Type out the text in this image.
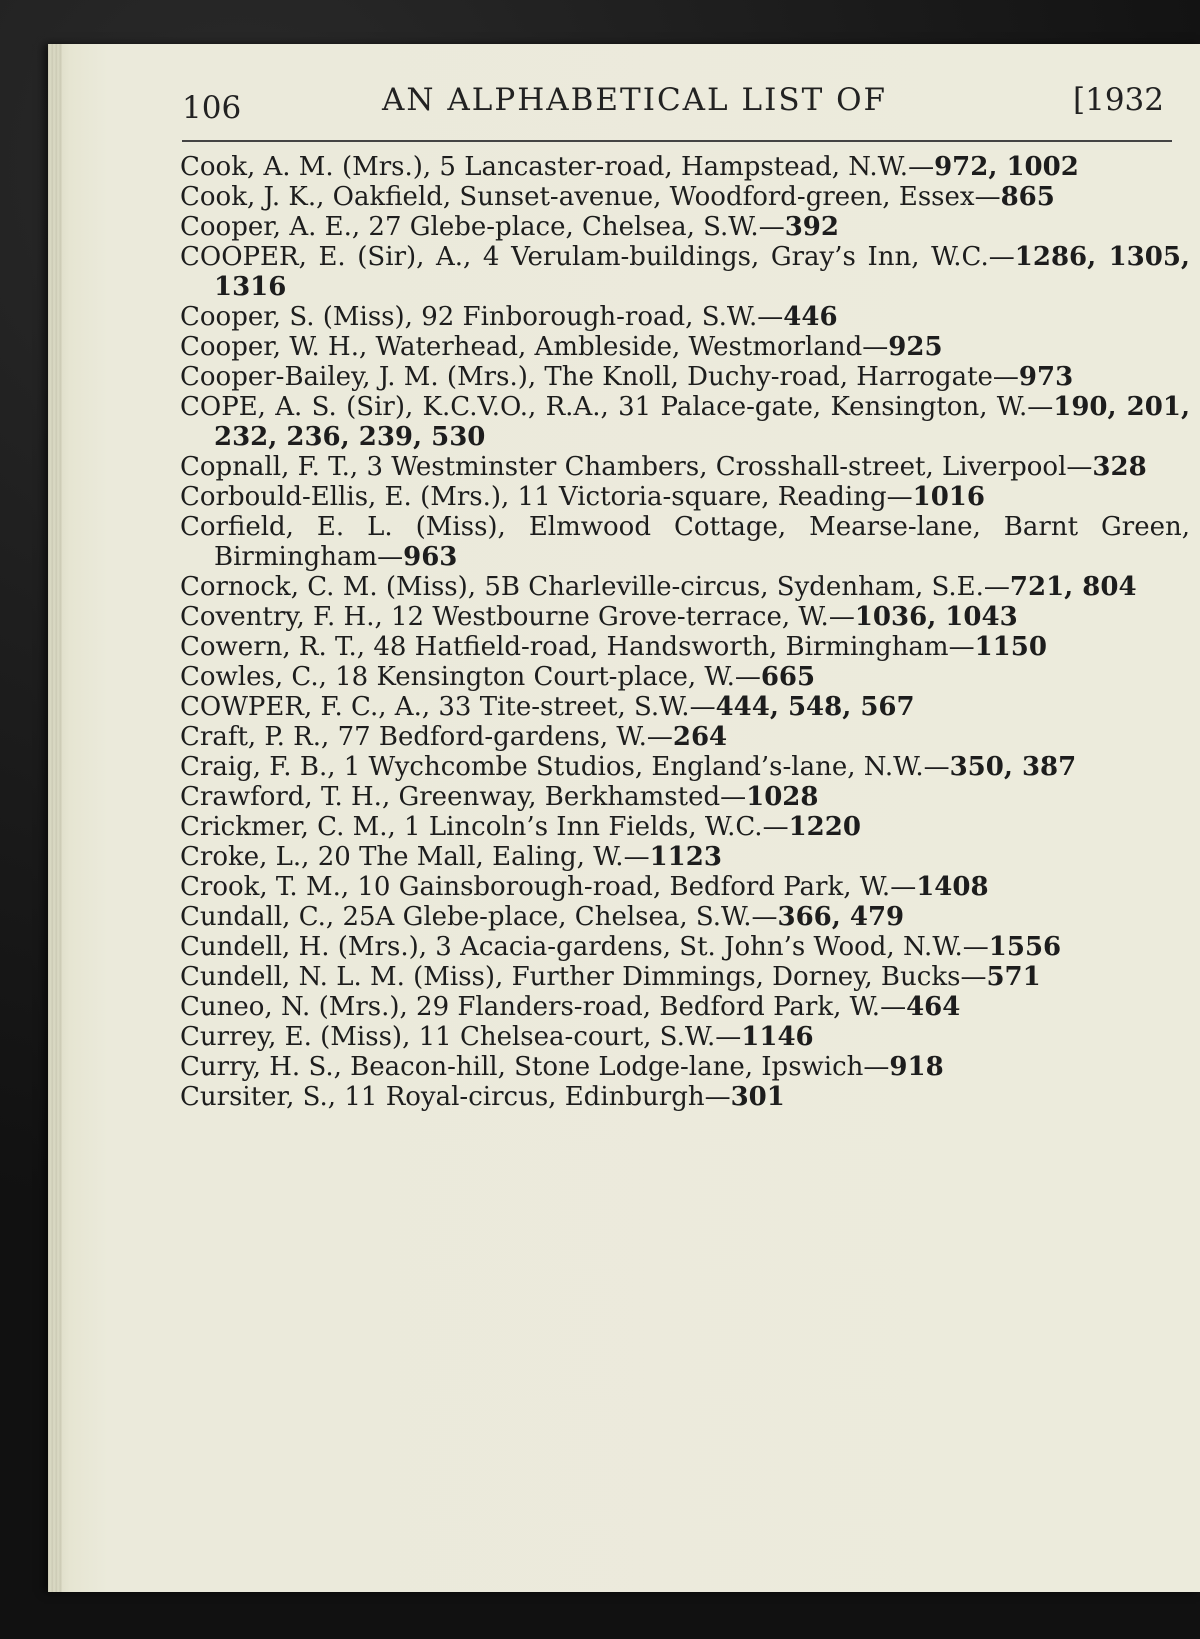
106	AN ALPHABETICAL LIST OF	[1932
Cook, A. M. (Mrs.), 5 Lancaster-road, Hampstead, N.W.—972, 1002
Cook, J. K., Oakfield, Sunset-avenue, Woodford-green, Essex—865
Cooper, A. E., 27 Glebe-place, Chelsea, S.W.—392
COOPER, E. (Sir), A., 4 Verulam-buildings, Gray’s Inn, W.C.—1286, 1305, 1316
Cooper, S. (Miss), 92 Finborough-road, S.W.—446
Cooper, W. H., Waterhead, Ambleside, Westmorland—925
Cooper-Bailey, J. M. (Mrs.), The Knoll, Duchy-road, Harrogate—973
COPE, A. S. (Sir), K.C.V.O., R.A., 31 Palace-gate, Kensington, W.—190, 201, 232, 236, 239, 530
Copnall, F. T., 3 Westminster Chambers, Crosshall-street, Liverpool—328
Corbould-Ellis, E. (Mrs.), 11 Victoria-square, Reading—1016
Corfield, E. L. (Miss), Elmwood Cottage, Mearse-lane, Barnt Green, Birmingham—963
Cornock, C. M. (Miss), 5B Charleville-circus, Sydenham, S.E.—721, 804
Coventry, F. H., 12 Westbourne Grove-terrace, W.—1036, 1043
Cowern, R. T., 48 Hatfield-road, Handsworth, Birmingham—1150
Cowles, C., 18 Kensington Court-place, W.—665
COWPER, F. C., A., 33 Tite-street, S.W.—444, 548, 567
Craft, P. R., 77 Bedford-gardens, W.—264
Craig, F. B., 1 Wychcombe Studios, England’s-lane, N.W.—350, 387
Crawford, T. H., Greenway, Berkhamsted—1028
Crickmer, C. M., 1 Lincoln’s Inn Fields, W.C.—1220
Croke, L., 20 The Mall, Ealing, W.—1123
Crook, T. M., 10 Gainsborough-road, Bedford Park, W.—1408
Cundall, C., 25A Glebe-place, Chelsea, S.W.—366, 479
Cundell, H. (Mrs.), 3 Acacia-gardens, St. John’s Wood, N.W.—1556
Cundell, N. L. M. (Miss), Further Dimmings, Dorney, Bucks—571
Cuneo, N. (Mrs.), 29 Flanders-road, Bedford Park, W.—464
Currey, E. (Miss), 11 Chelsea-court, S.W.—1146
Curry, H. S., Beacon-hill, Stone Lodge-lane, Ipswich—918
Cursiter, S., 11 Royal-circus, Edinburgh—301
